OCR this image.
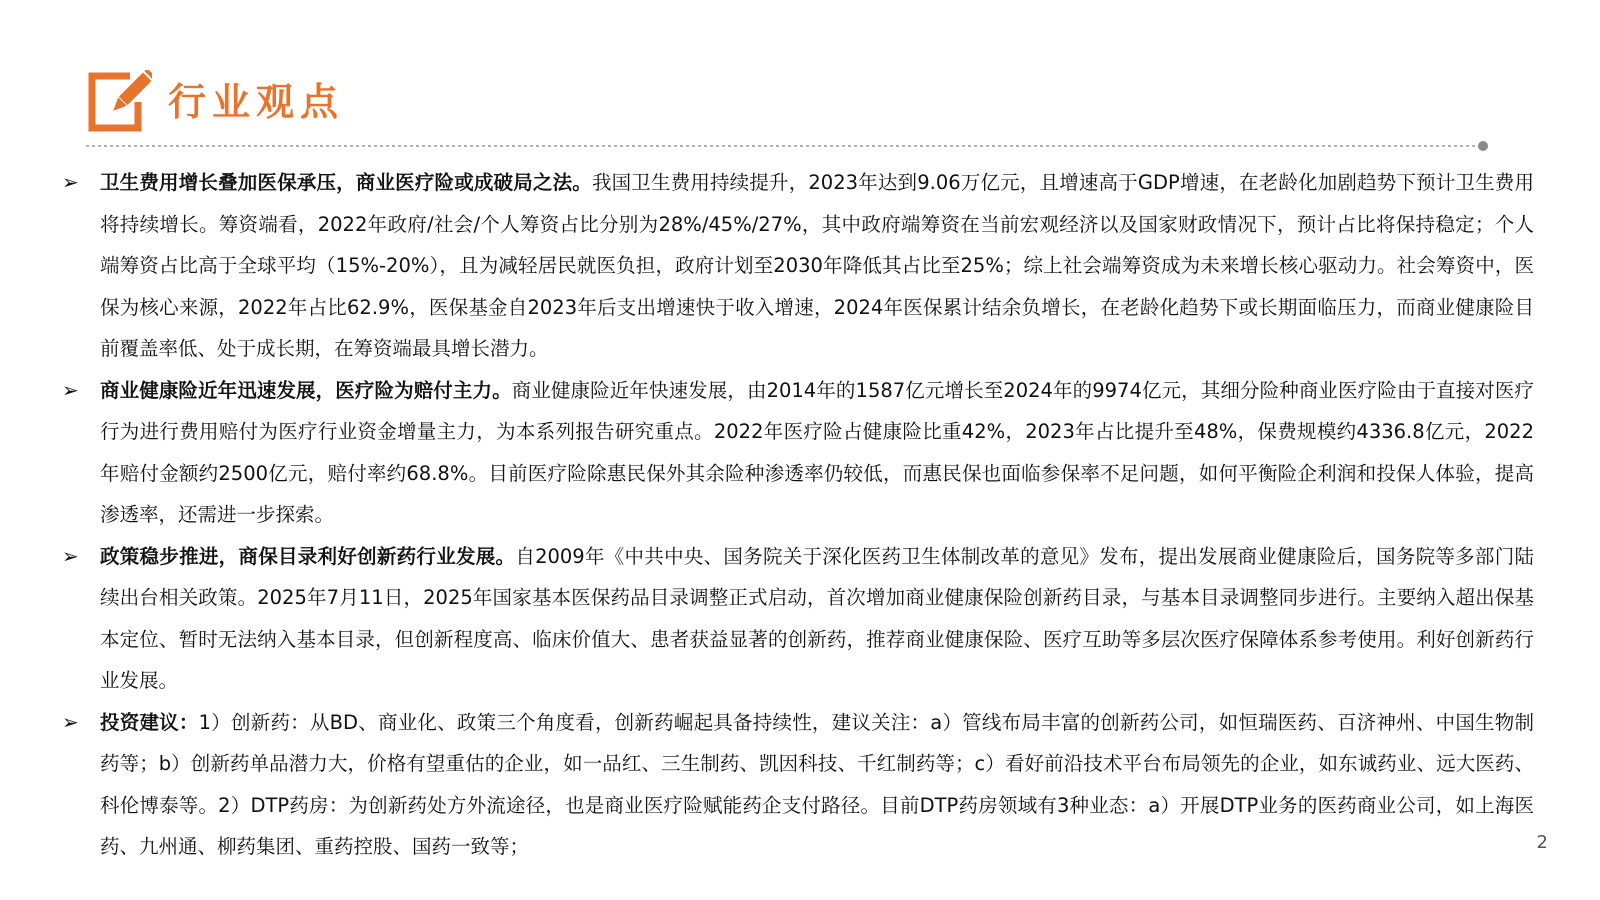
行业观点
➢ 卫生费用增长叠加医保承压，商业医疗险或成破局之法。我国卫生费用持续提升，2023年达到9.06万亿元，且增速高于GDP增速，在老龄化加剧趋势下预计卫生费用将持续增长。筹资端看，2022年政府/社会/个人筹资占比分别为28%/45%/27%，其中政府端筹资在当前宏观经济以及国家财政情况下，预计占比将保持稳定；个人端筹资占比高于全球平均（15%-20%），且为减轻居民就医负担，政府计划至2030年降低其占比至25%；综上社会端筹资成为未来增长核心驱动力。社会筹资中，医保为核心来源，2022年占比62.9%，医保基金自2023年后支出增速快于收入增速，2024年医保累计结余负增长，在老龄化趋势下或长期面临压力，而商业健康险目前覆盖率低、处于成长期，在筹资端最具增长潜力。
➢ 商业健康险近年迅速发展，医疗险为赔付主力。商业健康险近年快速发展，由2014年的1587亿元增长至2024年的9974亿元，其细分险种商业医疗险由于直接对医疗行为进行费用赔付为医疗行业资金增量主力，为本系列报告研究重点。2022年医疗险占健康险比重42%，2023年占比提升至48%，保费规模约4336.8亿元，2022年赔付金额约2500亿元，赔付率约68.8%。目前医疗险除惠民保外其余险种渗透率仍较低，而惠民保也面临参保率不足问题，如何平衡险企利润和投保人体验，提高渗透率，还需进一步探索。
➢ 政策稳步推进，商保目录利好创新药行业发展。自2009年《中共中央、国务院关于深化医药卫生体制改革的意见》发布，提出发展商业健康险后，国务院等多部门陆续出台相关政策。2025年7月11日，2025年国家基本医保药品目录调整正式启动，首次增加商业健康保险创新药目录，与基本目录调整同步进行。主要纳入超出保基本定位、暂时无法纳入基本目录，但创新程度高、临床价值大、患者获益显著的创新药，推荐商业健康保险、医疗互助等多层次医疗保障体系参考使用。利好创新药行业发展。
➢ 投资建议：1）创新药：从BD、商业化、政策三个角度看，创新药崛起具备持续性，建议关注：a）管线布局丰富的创新药公司，如恒瑞医药、百济神州、中国生物制药等；b）创新药单品潜力大，价格有望重估的企业，如一品红、三生制药、凯因科技、千红制药等；c）看好前沿技术平台布局领先的企业，如东诚药业、远大医药、科伦博泰等。2）DTP药房：为创新药处方外流途径，也是商业医疗险赋能药企支付路径。目前DTP药房领域有3种业态：a）开展DTP业务的医药商业公司，如上海医药、九州通、柳药集团、重药控股、国药一致等；	2
